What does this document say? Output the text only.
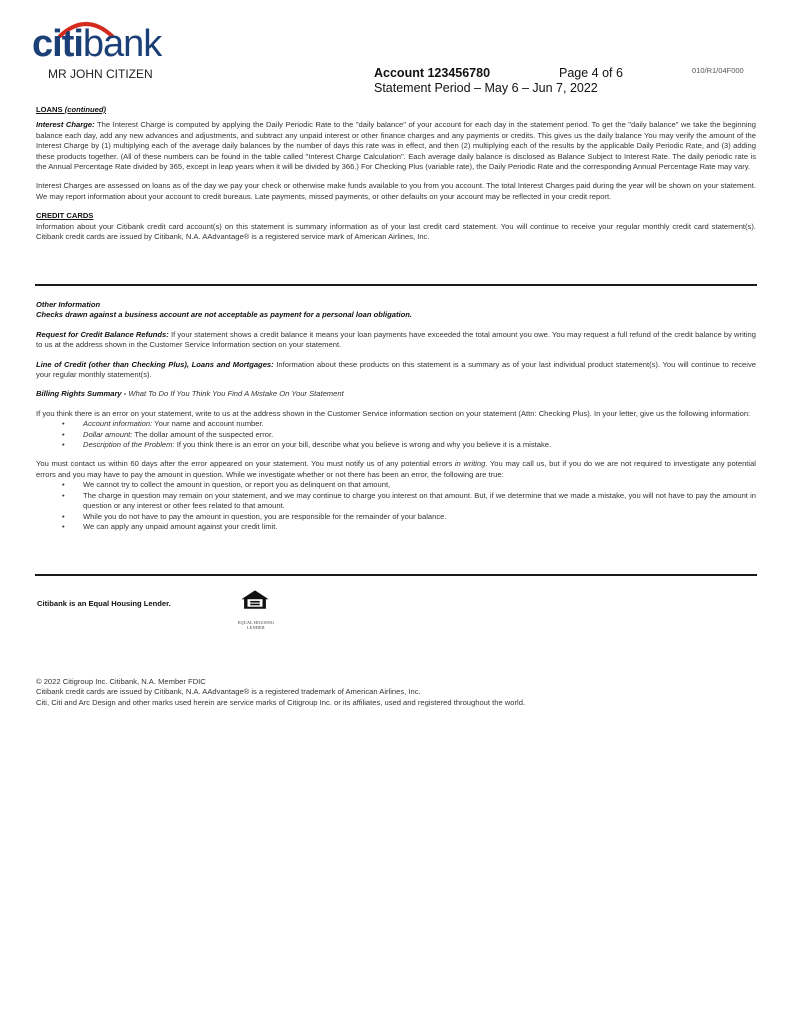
citibank
MR JOHN CITIZEN	Account 123456780	Page 4 of 6	010/R1/04F000
Statement Period – May 6 – Jun 7, 2022
LOANS (continued)

Interest Charge: The Interest Charge is computed by applying the Daily Periodic Rate to the "daily balance" of your account for each day in the statement period. To get the "daily balance" we take the beginning balance each day, add any new advances and adjustments, and subtract any unpaid interest or other finance charges and any payments or credits. This gives us the daily balance You may verify the amount of the Interest Charge by (1) multiplying each of the average daily balances by the number of days this rate was in effect, and then (2) multiplying each of the results by the applicable Daily Periodic Rate, and (3) adding these products together. (All of these numbers can be found in the table called "Interest Charge Calculation". Each average daily balance is disclosed as Balance Subject to Interest Rate. The daily periodic rate is the Annual Percentage Rate divided by 365, except in leap years when it will be divided by 366.) For Checking Plus (variable rate), the Daily Periodic Rate and the corresponding Annual Percentage Rate may vary.

Interest Charges are assessed on loans as of the day we pay your check or otherwise make funds available to you from you account. The total Interest Charges paid during the year will be shown on your statement. We may report information about your account to credit bureaus. Late payments, missed payments, or other defaults on your account may be reflected in your credit report.

CREDIT CARDS

Information about your Citibank credit card account(s) on this statement is summary information as of your last credit card statement. You will continue to receive your regular monthly credit card statement(s). Citibank credit cards are issued by Citibank, N.A. AAdvantage® is a registered service mark of American Airlines, Inc.

Other Information
Checks drawn against a business account are not acceptable as payment for a personal loan obligation.

Request for Credit Balance Refunds: If your statement shows a credit balance it means your loan payments have exceeded the total amount you owe. You may request a full refund of the credit balance by writing to us at the address shown in the Customer Service Information section on your statement.

Line of Credit (other than Checking Plus), Loans and Mortgages: Information about these products on this statement is a summary as of your last individual product statement(s). You will continue to receive your regular monthly statement(s).

Billing Rights Summary - What To Do If You Think You Find A Mistake On Your Statement

If you think there is an error on your statement, write to us at the address shown in the Customer Service information section on your statement (Attn: Checking Plus). In your letter, give us the following information:

• Account information: Your name and account number.
• Dollar amount: The dollar amount of the suspected error.
• Description of the Problem: If you think there is an error on your bill, describe what you believe is wrong and why you believe it is a mistake.

You must contact us within 60 days after the error appeared on your statement. You must notify us of any potential errors in writing. You may call us, but if you do we are not required to investigate any potential errors and you may have to pay the amount in question. While we investigate whether or not there has been an error, the following are true:

• We cannot try to collect the amount in question, or report you as delinquent on that amount,
• The charge in question may remain on your statement, and we may continue to charge you interest on that amount. But, if we determine that we made a mistake, you will not have to pay the amount in question or any interest or other fees related to that amount.
• While you do not have to pay the amount in question, you are responsible for the remainder of your balance.
• We can apply any unpaid amount against your credit limit.
Citibank is an Equal Housing Lender.
EQUAL HOUSING
LENDER
© 2022 Citigroup Inc. Citibank, N.A. Member FDIC
Citibank credit cards are issued by Citibank, N.A. AAdvantage® is a registered trademark of American Airlines, Inc.
Citi, Citi and Arc Design and other marks used herein are service marks of Citigroup Inc. or its affiliates, used and registered throughout the world.
